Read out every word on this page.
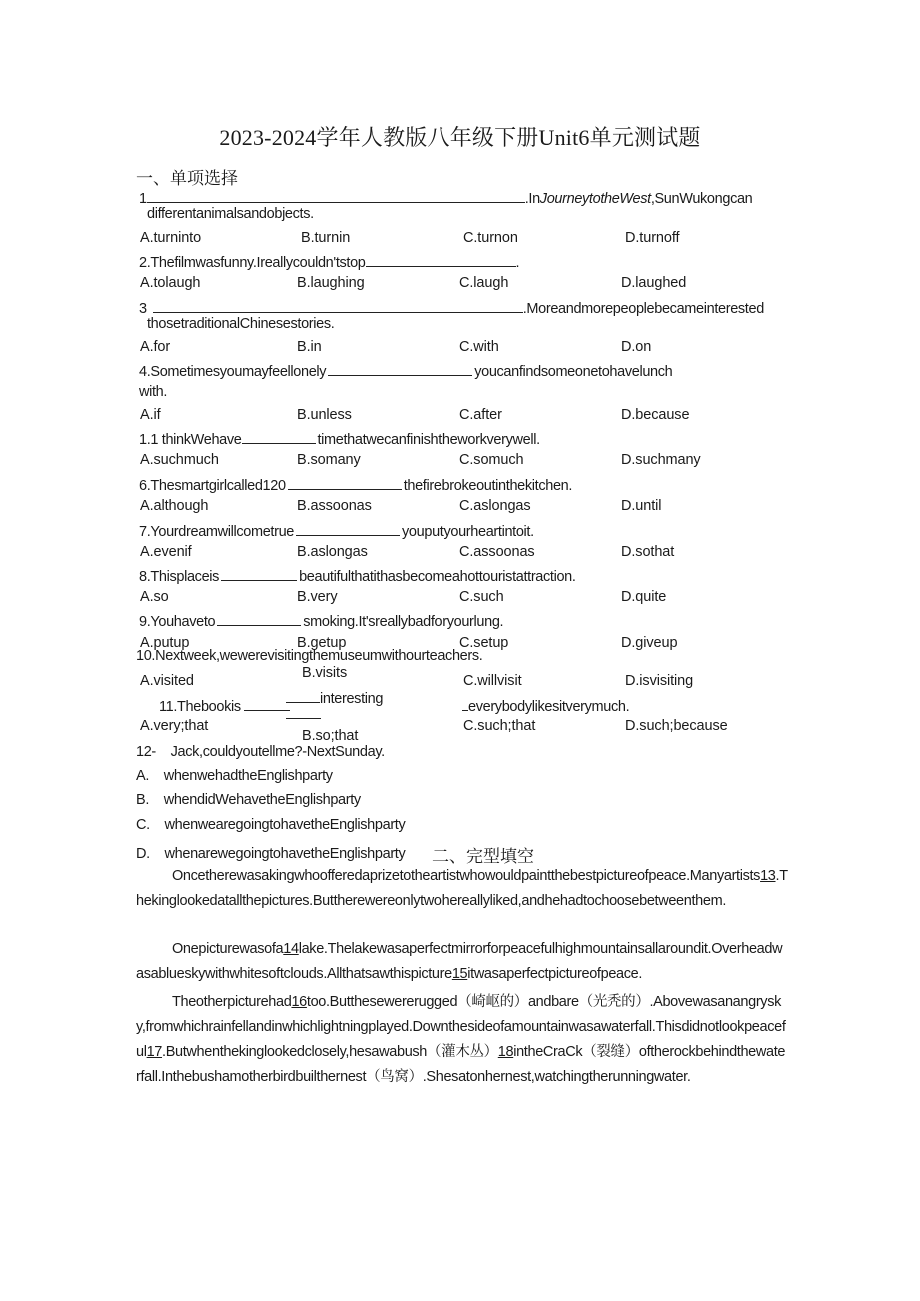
2023-2024学年人教版八年级下册Unit6单元测试题
一、单项选择
1	.InJourneytotheWest,SunWukongcan
differentanimalsandobjects.
A.turninto	B.turnin	C.turnon	D.turnoff
2.Thefilmwasfunny.Ireallycouldn'tstop	.
A.tolaugh	B.laughing	C.laugh	D.laughed
3	.Moreandmorepeoplebecameinterested
thosetraditionalChinesestories.
A.for	B.in	C.with	D.on
4.Sometimesyoumayfeellonely	youcanfindsomeonetohavelunch
with.
A.if	B.unless	C.after	D.because
1.1 thinkWehave	timethatwecanfinishtheworkverywell.
A.suchmuch	B.somany	C.somuch	D.suchmany
6.Thesmartgirlcalled120	thefirebrokeoutinthekitchen.
A.although	B.assoonas	C.aslongas	D.until
7.Yourdreamwillcometrue	youputyourheartintoit.
A.evenif	B.aslongas	C.assoonas	D.sothat
8.Thisplaceis	beautifulthatithasbecomeahottouristattraction.
A.so	B.very	C.such	D.quite
9.Youhaveto	smoking.It'sreallybadforyourlung.
A.putup	B.getup	C.setup	D.giveup
10.Nextweek,wewerevisitingthemuseumwithourteachers.
B.visits
A.visited	C.willvisit	D.isvisiting
11.Thebookis	interesting	everybodylikesitverymuch.
A.very;that
B.so;that
C.such;that	D.such;because
12-    Jack,couldyoutellme?-NextSunday.
A.    whenwehadtheEnglishparty
B.    whendidWehavetheEnglishparty
C.    whenwearegoingtohavetheEnglishparty
D.    whenarewegoingtohavetheEnglishparty 二、完型填空
Oncetherewasakingwhoofferedaprizetotheartistwhowouldpaintthebestpictureofpeace.Manyartists13.Thekinglookedatallthepictures.Buttherewereonlytwohereallyliked,andhehadtochoosebetweenthem.
Onepicturewasofa14lake.Thelakewasaperfectmirrorforpeacefulhighmountainsallaroundit.Overheadwasablueskywithwhitesoftclouds.Allthatsawthispicture15itwasaperfectpictureofpeace.
Theotherpicturehad16too.Butthesewererugged（崎岖的）andbare（光秃的）.Abovewasanangrysky,fromwhichrainfellandinwhichlightningplayed.Downthesideofamountainwasawaterfall.Thisdidnotlookpeaceful17.Butwhenthekinglookedclosely,hesawabush（灌木丛）18intheCraCk（裂缝）oftherockbehindthewaterfall.Inthebushamotherbirdbuilthernest（鸟窝）.Shesatonhernest,watchingtherunningwater.
